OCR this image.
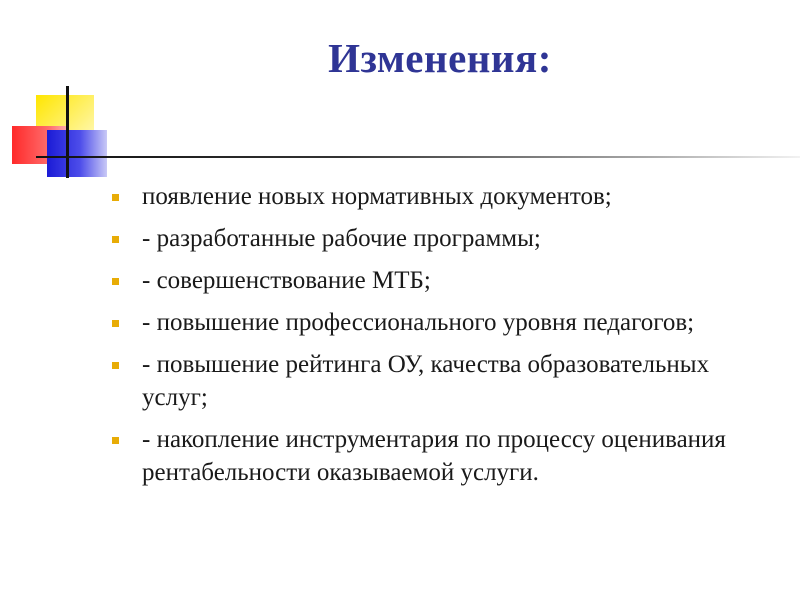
Изменения:
появление новых нормативных документов;
- разработанные рабочие программы;
- совершенствование МТБ;
- повышение профессионального уровня педагогов;
- повышение рейтинга ОУ, качества образовательных услуг;
- накопление инструментария по процессу оценивания рентабельности оказываемой услуги.
